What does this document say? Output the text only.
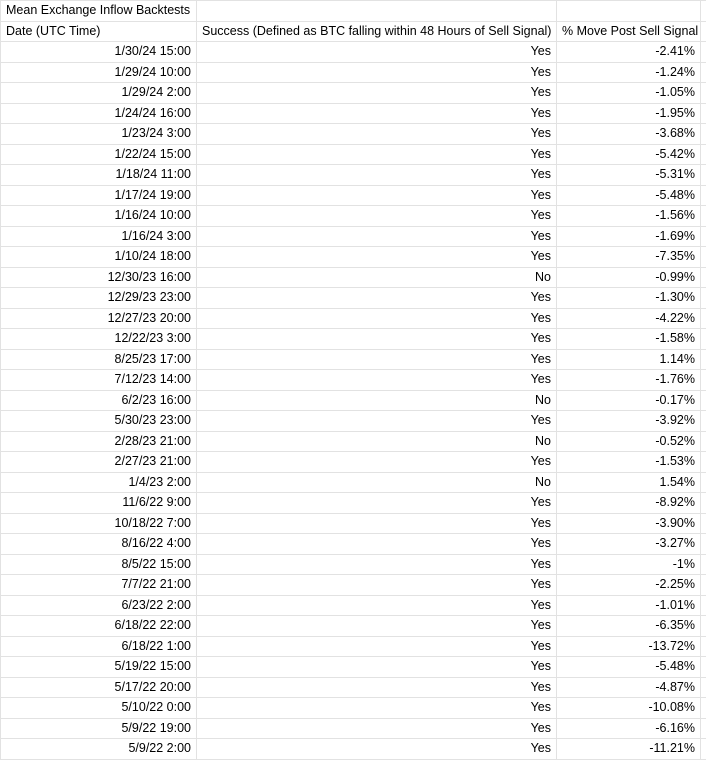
Mean Exchange Inflow Backtests			
Date (UTC Time)	Success (Defined as BTC falling within 48 Hours of Sell Signal)	% Move Post Sell Signal	
1/30/24 15:00	Yes	-2.41%	
1/29/24 10:00	Yes	-1.24%	
1/29/24 2:00	Yes	-1.05%	
1/24/24 16:00	Yes	-1.95%	
1/23/24 3:00	Yes	-3.68%	
1/22/24 15:00	Yes	-5.42%	
1/18/24 11:00	Yes	-5.31%	
1/17/24 19:00	Yes	-5.48%	
1/16/24 10:00	Yes	-1.56%	
1/16/24 3:00	Yes	-1.69%	
1/10/24 18:00	Yes	-7.35%	
12/30/23 16:00	No	-0.99%	
12/29/23 23:00	Yes	-1.30%	
12/27/23 20:00	Yes	-4.22%	
12/22/23 3:00	Yes	-1.58%	
8/25/23 17:00	Yes	1.14%	
7/12/23 14:00	Yes	-1.76%	
6/2/23 16:00	No	-0.17%	
5/30/23 23:00	Yes	-3.92%	
2/28/23 21:00	No	-0.52%	
2/27/23 21:00	Yes	-1.53%	
1/4/23 2:00	No	1.54%	
11/6/22 9:00	Yes	-8.92%	
10/18/22 7:00	Yes	-3.90%	
8/16/22 4:00	Yes	-3.27%	
8/5/22 15:00	Yes	-1%	
7/7/22 21:00	Yes	-2.25%	
6/23/22 2:00	Yes	-1.01%	
6/18/22 22:00	Yes	-6.35%	
6/18/22 1:00	Yes	-13.72%	
5/19/22 15:00	Yes	-5.48%	
5/17/22 20:00	Yes	-4.87%	
5/10/22 0:00	Yes	-10.08%	
5/9/22 19:00	Yes	-6.16%	
5/9/22 2:00	Yes	-11.21%	
